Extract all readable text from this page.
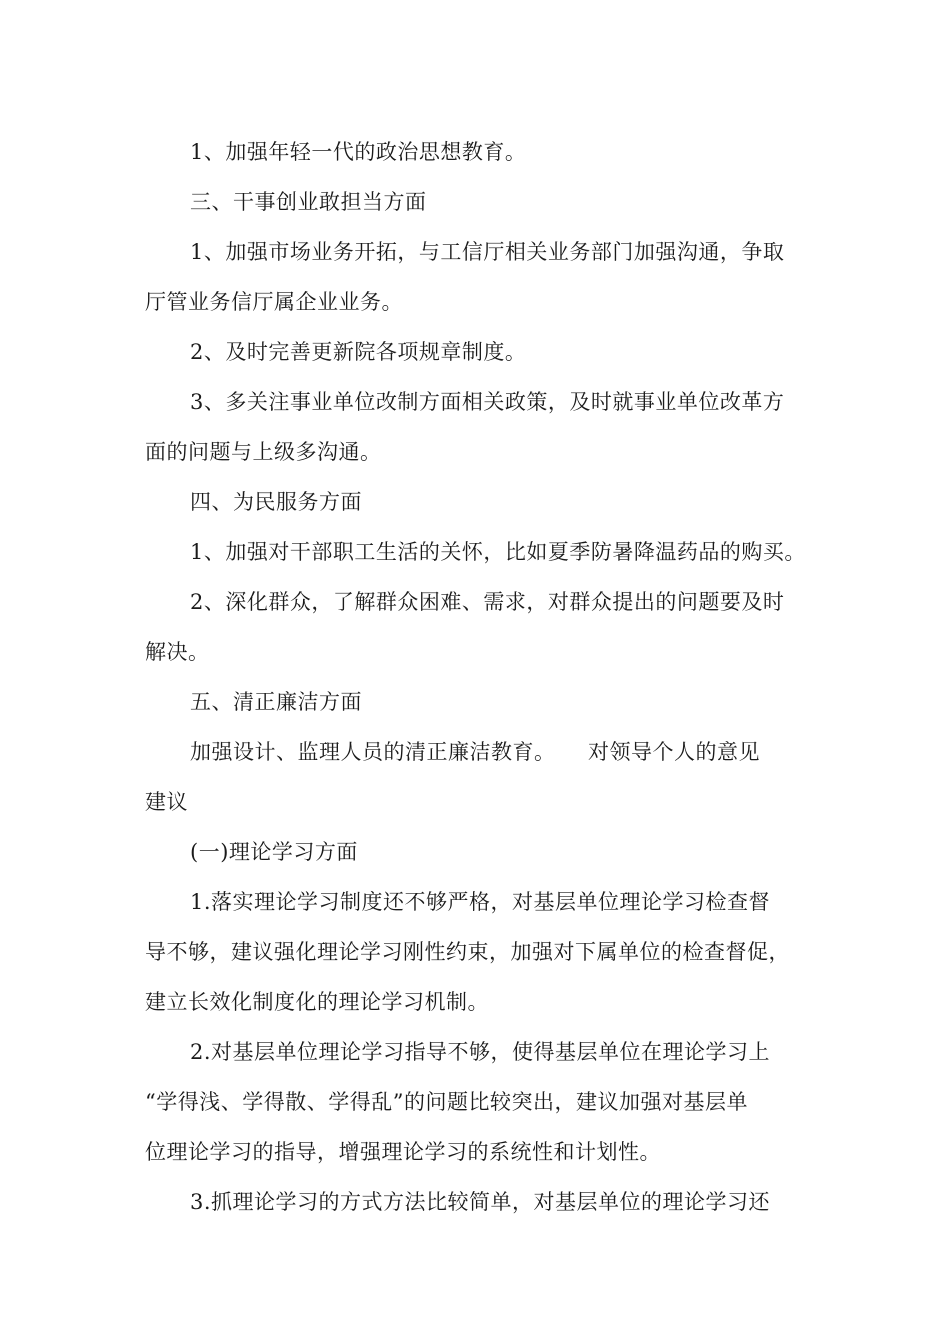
1、加强年轻一代的政治思想教育。
三、干事创业敢担当方面
1、加强市场业务开拓，与工信厅相关业务部门加强沟通，争取
厅管业务信厅属企业业务。
2、及时完善更新院各项规章制度。
3、多关注事业单位改制方面相关政策，及时就事业单位改革方
面的问题与上级多沟通。
四、为民服务方面
1、加强对干部职工生活的关怀，比如夏季防暑降温药品的购买。
2、深化群众，了解群众困难、需求，对群众提出的问题要及时
解决。
五、清正廉洁方面
加强设计、监理人员的清正廉洁教育。　　对领导个人的意见
建议
(一)理论学习方面
1.落实理论学习制度还不够严格，对基层单位理论学习检查督
导不够，建议强化理论学习刚性约束，加强对下属单位的检查督促，
建立长效化制度化的理论学习机制。
2.对基层单位理论学习指导不够，使得基层单位在理论学习上
“学得浅、学得散、学得乱”的问题比较突出，建议加强对基层单
位理论学习的指导，增强理论学习的系统性和计划性。
3.抓理论学习的方式方法比较简单，对基层单位的理论学习还
